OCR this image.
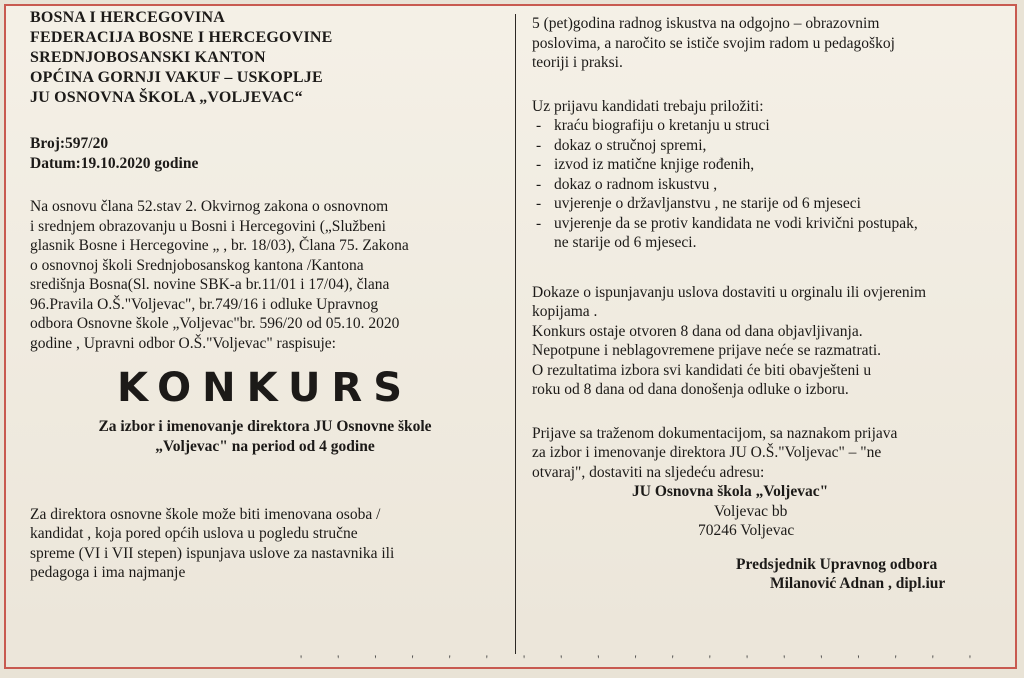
BOSNA I HERCEGOVINA
FEDERACIJA BOSNE I HERCEGOVINE
SREDNJOBOSANSKI KANTON
OPĆINA GORNJI VAKUF – USKOPLJE
JU OSNOVNA ŠKOLA „VOLJEVAC“
Broj:597/20
Datum:19.10.2020 godine
Na osnovu člana 52.stav 2. Okvirnog zakona o osnovnom
i srednjem obrazovanju u Bosni i Hercegovini („Službeni
glasnik Bosne i Hercegovine „ , br. 18/03), Člana 75. Zakona
o osnovnoj školi Srednjobosanskog kantona /Kantona
središnja Bosna(Sl. novine SBK-a br.11/01 i 17/04), člana
96.Pravila O.Š."Voljevac", br.749/16 i odluke Upravnog
odbora Osnovne škole „Voljevac"br. 596/20 od 05.10. 2020
godine , Upravni odbor O.Š."Voljevac" raspisuje:
KONKURS
Za izbor i imenovanje direktora JU Osnovne škole
„Voljevac" na period od 4 godine
Za direktora osnovne škole može biti imenovana osoba /
kandidat , koja pored općih uslova u pogledu stručne
spreme (VI i VII stepen) ispunjava uslove za nastavnika ili
pedagoga i ima najmanje
5 (pet)godina radnog iskustva na odgojno – obrazovnim
poslovima, a naročito se ističe svojim radom u pedagoškoj
teoriji i praksi.
Uz prijavu kandidati trebaju priložiti:
- kraću biografiju o kretanju u struci
- dokaz o stručnoj spremi,
- izvod iz matične knjige rođenih,
- dokaz o radnom iskustvu ,
- uvjerenje o državljanstvu , ne starije od 6 mjeseci
- uvjerenje da se protiv kandidata ne vodi krivični postupak,
ne starije od 6 mjeseci.
Dokaze o ispunjavanju uslova dostaviti u orginalu ili ovjerenim
kopijama .
Konkurs ostaje otvoren 8 dana od dana objavljivanja.
Nepotpune i neblagovremene prijave neće se razmatrati.
O rezultatima izbora svi kandidati će biti obavješteni u
roku od 8 dana od dana donošenja odluke o izboru.
Prijave sa traženom dokumentacijom, sa naznakom prijava
za izbor i imenovanje direktora JU O.Š."Voljevac" – "ne
otvaraj", dostaviti na sljedeću adresu:
JU Osnovna škola „Voljevac"
Voljevac bb
70246 Voljevac
Predsjednik Upravnog odbora
Milanović Adnan , dipl.iur
' ' ' ' ' ' ' ' ' ' ' ' ' ' ' ' ' ' '
